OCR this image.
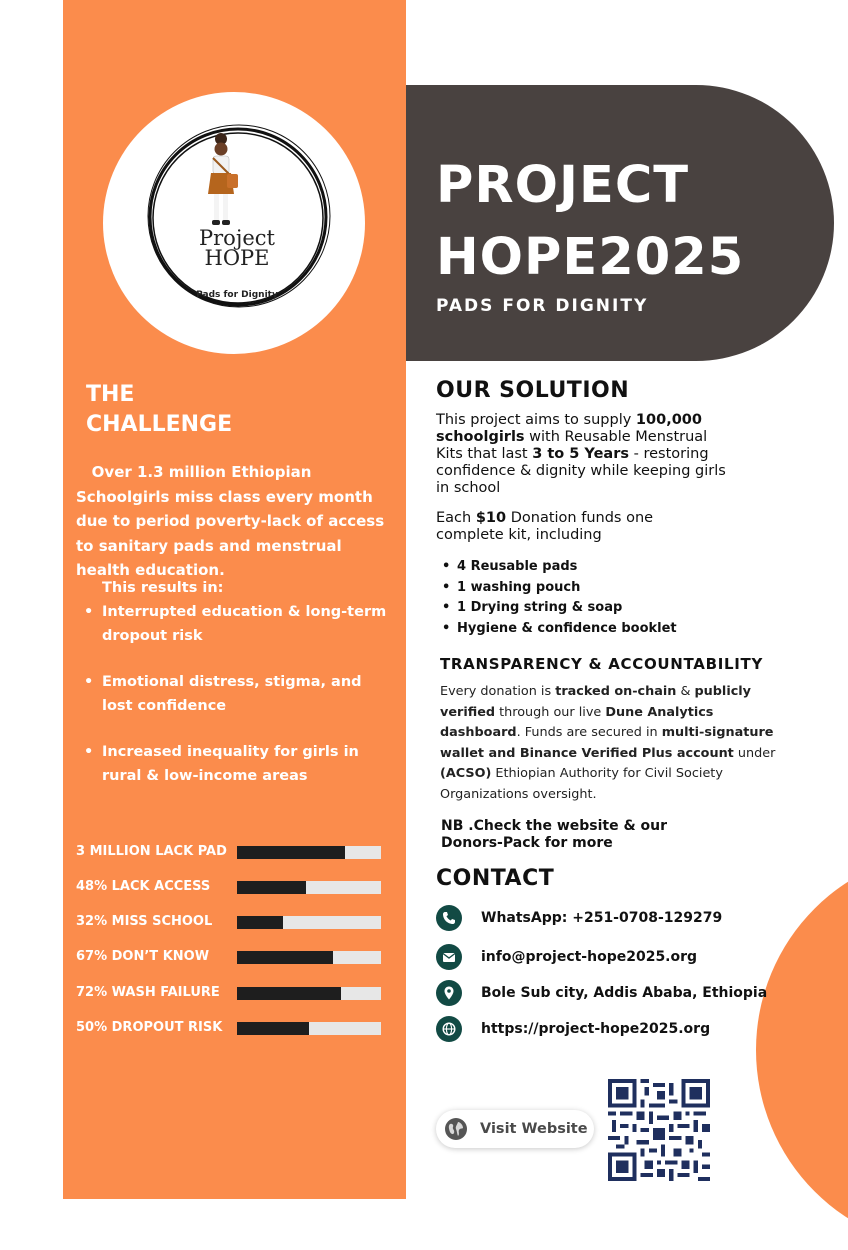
Project
HOPE
Pads for Dignity
PROJECT
HOPE2025
PADS FOR DIGNITY
THE
CHALLENGE
Over 1.3 million Ethiopian Schoolgirls miss class every month due to period poverty-lack of access to sanitary pads and menstrual health education.
This results in:
• Interrupted education & long-term dropout risk
• Emotional distress, stigma, and lost confidence
• Increased inequality for girls in rural & low-income areas
3 MILLION LACK PAD
48% LACK ACCESS
32% MISS SCHOOL
67% DON’T KNOW
72% WASH FAILURE
50% DROPOUT RISK
OUR SOLUTION
This project aims to supply 100,000 schoolgirls with Reusable Menstrual Kits that last 3 to 5 Years - restoring confidence & dignity while keeping girls in school
Each $10 Donation funds one complete kit, including
• 4 Reusable pads
• 1 washing pouch
• 1 Drying string & soap
• Hygiene & confidence booklet
TRANSPARENCY & ACCOUNTABILITY
Every donation is tracked on-chain & publicly verified through our live Dune Analytics dashboard. Funds are secured in multi-signature wallet and Binance Verified Plus account under (ACSO) Ethiopian Authority for Civil Society Organizations oversight.
NB .Check the website & our Donors-Pack for more
CONTACT
WhatsApp: +251-0708-129279
info@project-hope2025.org
Bole Sub city, Addis Ababa, Ethiopia
https://project-hope2025.org
Visit Website
